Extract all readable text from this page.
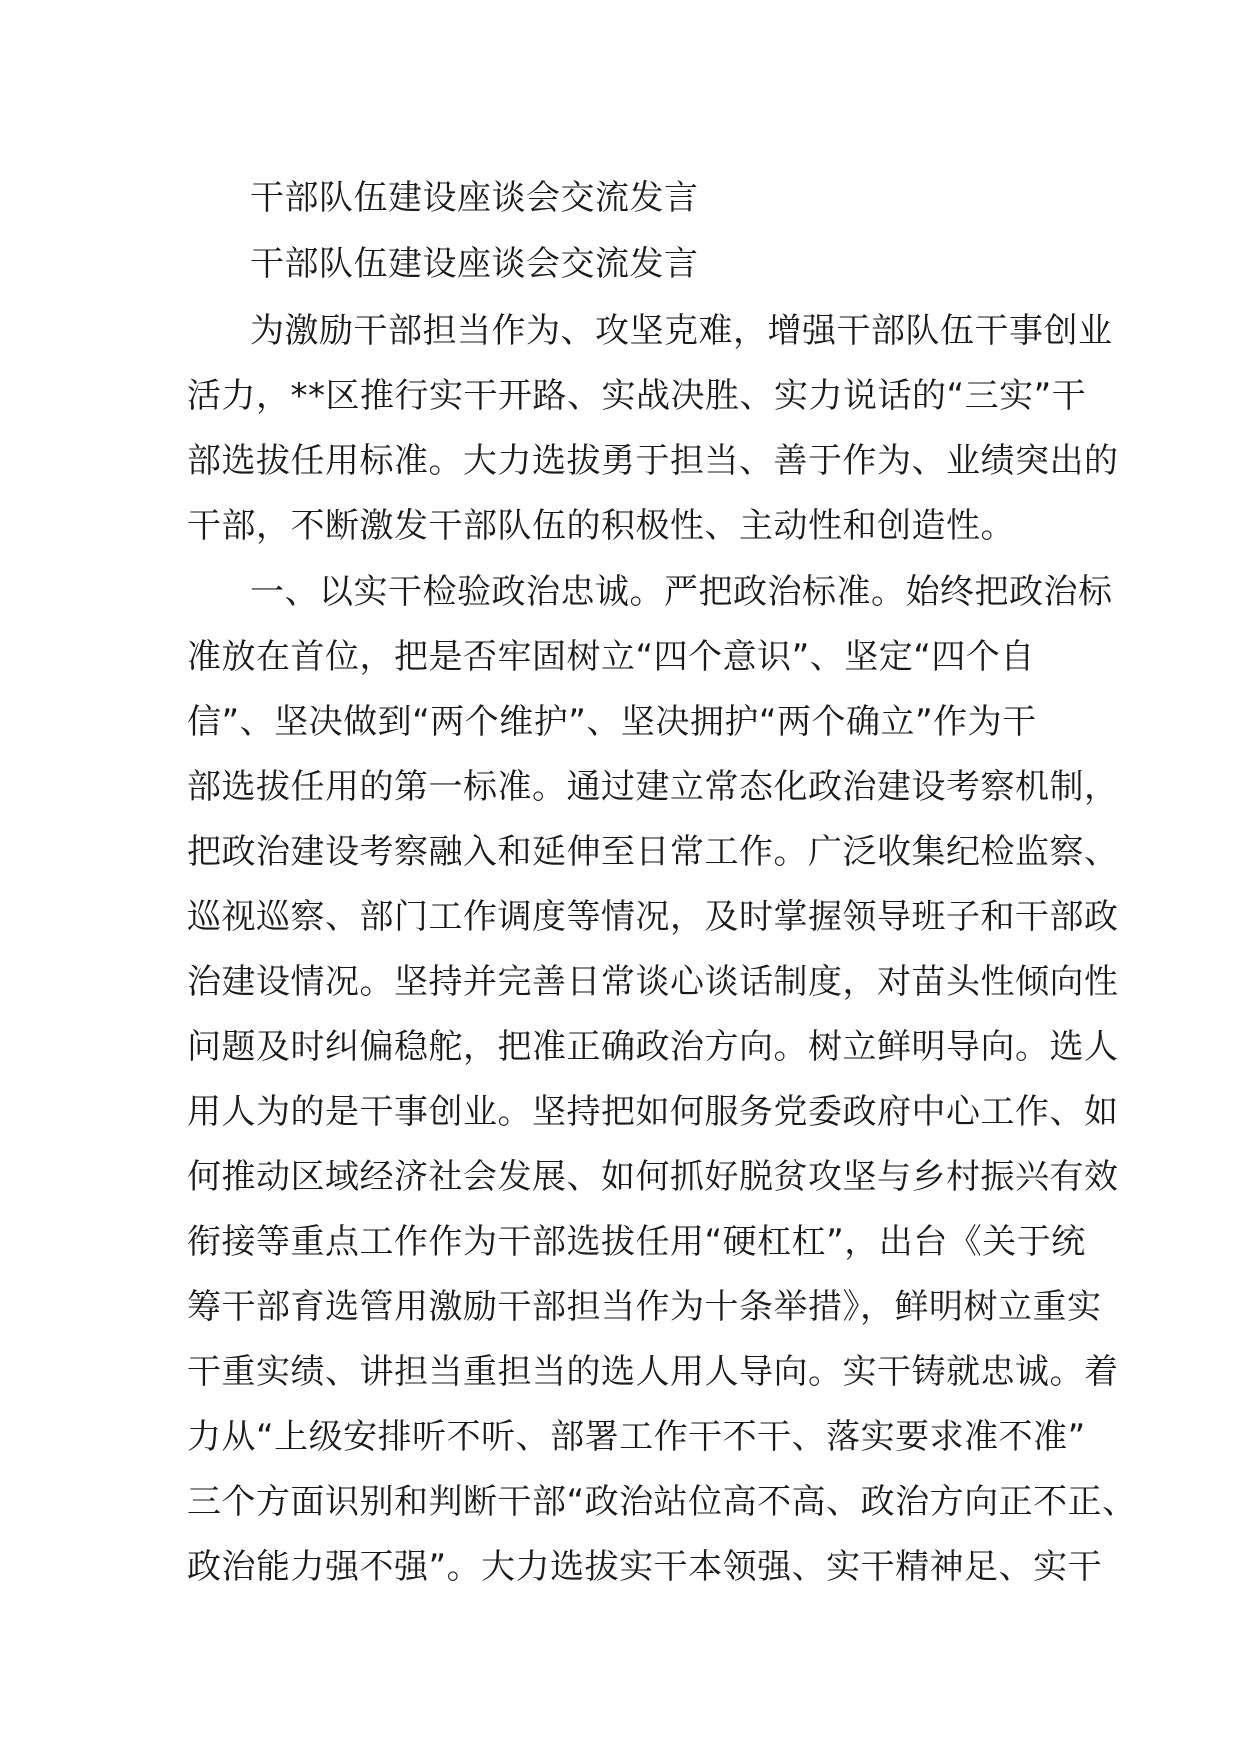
干部队伍建设座谈会交流发言
干部队伍建设座谈会交流发言
为激励干部担当作为、攻坚克难，增强干部队伍干事创业
活力，**区推行实干开路、实战决胜、实力说话的“三实”干
部选拔任用标准。大力选拔勇于担当、善于作为、业绩突出的
干部，不断激发干部队伍的积极性、主动性和创造性。
一、以实干检验政治忠诚。严把政治标准。始终把政治标
准放在首位，把是否牢固树立“四个意识”、坚定“四个自
信”、坚决做到“两个维护”、坚决拥护“两个确立”作为干
部选拔任用的第一标准。通过建立常态化政治建设考察机制，
把政治建设考察融入和延伸至日常工作。广泛收集纪检监察、
巡视巡察、部门工作调度等情况，及时掌握领导班子和干部政
治建设情况。坚持并完善日常谈心谈话制度，对苗头性倾向性
问题及时纠偏稳舵，把准正确政治方向。树立鲜明导向。选人
用人为的是干事创业。坚持把如何服务党委政府中心工作、如
何推动区域经济社会发展、如何抓好脱贫攻坚与乡村振兴有效
衔接等重点工作作为干部选拔任用“硬杠杠”，出台《关于统
筹干部育选管用激励干部担当作为十条举措》，鲜明树立重实
干重实绩、讲担当重担当的选人用人导向。实干铸就忠诚。着
力从“上级安排听不听、部署工作干不干、落实要求准不准”
三个方面识别和判断干部“政治站位高不高、政治方向正不正、
政治能力强不强”。大力选拔实干本领强、实干精神足、实干
